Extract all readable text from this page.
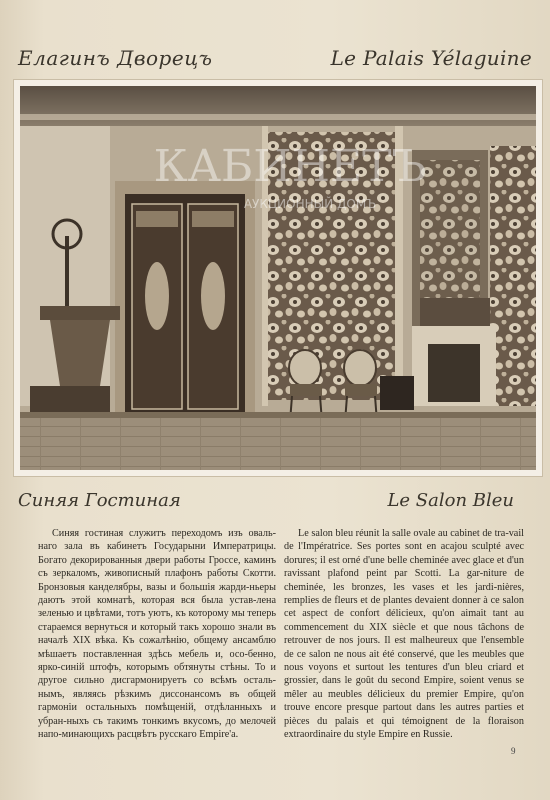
Елагинъ Дворецъ	Le Palais Yélaguine
КАБИНЕТЪ
АУКЦИОННЫЙ ДОМЪ
Синяя Гостиная	Le Salon Bleu

Синяя гостиная служитъ переходомъ изъ оваль-наго зала въ кабинетъ Государыни Императрицы. Богато декорированныя двери работы Гроссе, каминъ съ зеркаломъ, живописный плафонъ работы Скотти. Бронзовыя канделябры, вазы и большія жарди-ньеры даютъ этой комнатѣ, которая вся была устав-лена зеленью и цвѣтами, тотъ уютъ, къ которому мы теперь стараемся вернуться и который такъ хорошо знали въ началѣ XIX вѣка. Къ сожалѣнію, общему ансамблю мѣшаетъ поставленная здѣсь мебель и, осо-бенно, ярко-синій штофъ, которымъ обтянуты стѣны. То и другое сильно дисгармонируетъ со всѣмъ осталь-нымъ, являясь рѣзкимъ диссонансомъ въ общей гармоніи остальныхъ помѣщеній, отдѣланныхъ и убран-ныхъ съ такимъ тонкимъ вкусомъ, до мелочей напо-минающихъ расцвѣтъ русскаго Empire'а.

Le salon bleu réunit la salle ovale au cabinet de tra-vail de l'Impératrice. Ses portes sont en acajou sculpté avec dorures; il est orné d'une belle cheminée avec glace et d'un ravissant plafond peint par Scotti. La gar-niture de cheminée, les bronzes, les vases et les jardi-nières, remplies de fleurs et de plantes devaient donner à ce salon cet aspect de confort délicieux, qu'on aimait tant au commencement du XIX siècle et que nous tâchons de retrouver de nos jours. Il est malheureux que l'ensemble de ce salon ne nous ait été conservé, que les meubles que nous voyons et surtout les tentures d'un bleu criard et grossier, dans le goût du second Empire, soient venus se mêler au meubles délicieux du premier Empire, qu'on trouve encore presque partout dans les autres parties et pièces du palais et qui témoignent de la floraison extraordinaire du style Empire en Russie.

9
